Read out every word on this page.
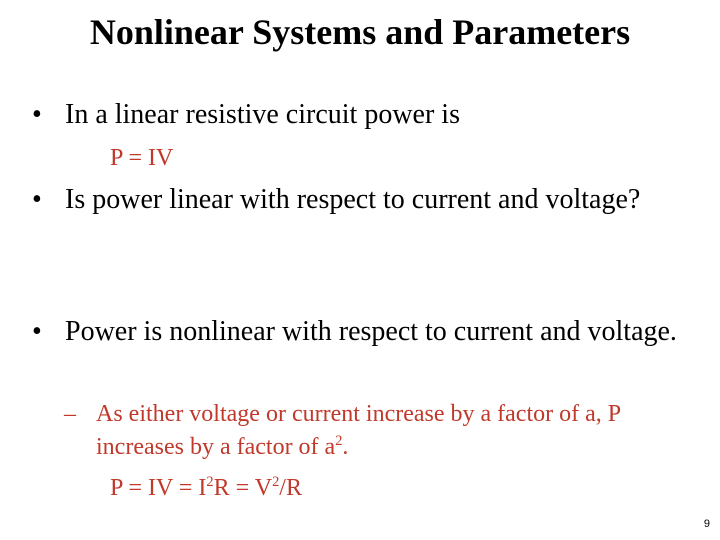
Nonlinear Systems and Parameters
• In a linear resistive circuit power is
P = IV
• Is power linear with respect to current and voltage?
• Power is nonlinear with respect to current and voltage.
– As either voltage or current increase by a factor of a, P increases by a factor of $a^2$.
P = IV = $I^2R = V^2/R$
9
